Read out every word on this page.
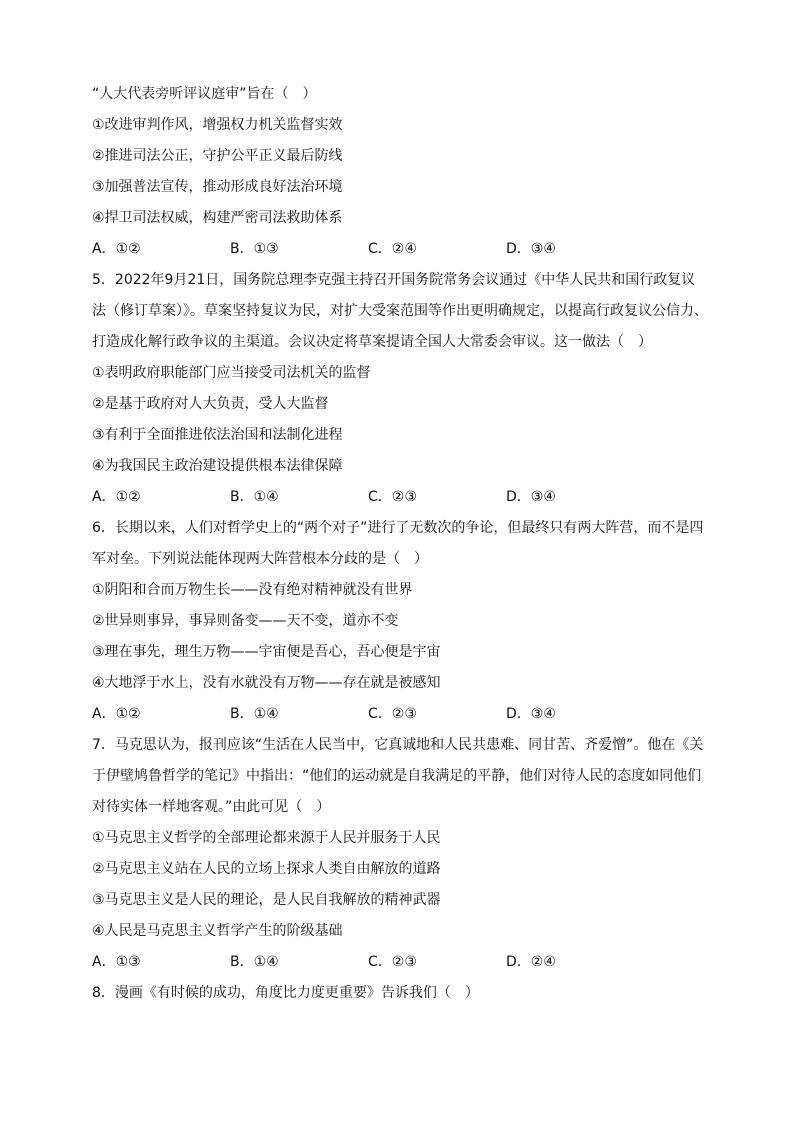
“人大代表旁听评议庭审”旨在（　）
①改进审判作风，增强权力机关监督实效
②推进司法公正，守护公平正义最后防线
③加强普法宣传，推动形成良好法治环境
④捍卫司法权威，构建严密司法救助体系
A．①②	B．①③	C．②④	D．③④
5．2022年9月21日，国务院总理李克强主持召开国务院常务会议通过《中华人民共和国行政复议
法（修订草案）》。草案坚持复议为民，对扩大受案范围等作出更明确规定，以提高行政复议公信力、
打造成化解行政争议的主渠道。会议决定将草案提请全国人大常委会审议。这一做法（　）
①表明政府职能部门应当接受司法机关的监督
②是基于政府对人大负责，受人大监督
③有利于全面推进依法治国和法制化进程
④为我国民主政治建设提供根本法律保障
A．①②	B．①④	C．②③	D．③④
6．长期以来，人们对哲学史上的“两个对子”进行了无数次的争论，但最终只有两大阵营，而不是四
军对垒。下列说法能体现两大阵营根本分歧的是（　）
①阴阳和合而万物生长——没有绝对精神就没有世界
②世异则事异，事异则备变——天不变，道亦不变
③理在事先，理生万物——宇宙便是吾心，吾心便是宇宙
④大地浮于水上，没有水就没有万物——存在就是被感知
A．①②	B．①④	C．②③	D．③④
7．马克思认为，报刊应该“生活在人民当中，它真诚地和人民共患难、同甘苦、齐爱憎”。他在《关
于伊壁鸠鲁哲学的笔记》中指出：“他们的运动就是自我满足的平静，他们对待人民的态度如同他们
对待实体一样地客观。”由此可见（　）
①马克思主义哲学的全部理论都来源于人民并服务于人民
②马克思主义站在人民的立场上探求人类自由解放的道路
③马克思主义是人民的理论，是人民自我解放的精神武器
④人民是马克思主义哲学产生的阶级基础
A．①③	B．①④	C．②③	D．②④
8．漫画《有时候的成功，角度比力度更重要》告诉我们（　）
